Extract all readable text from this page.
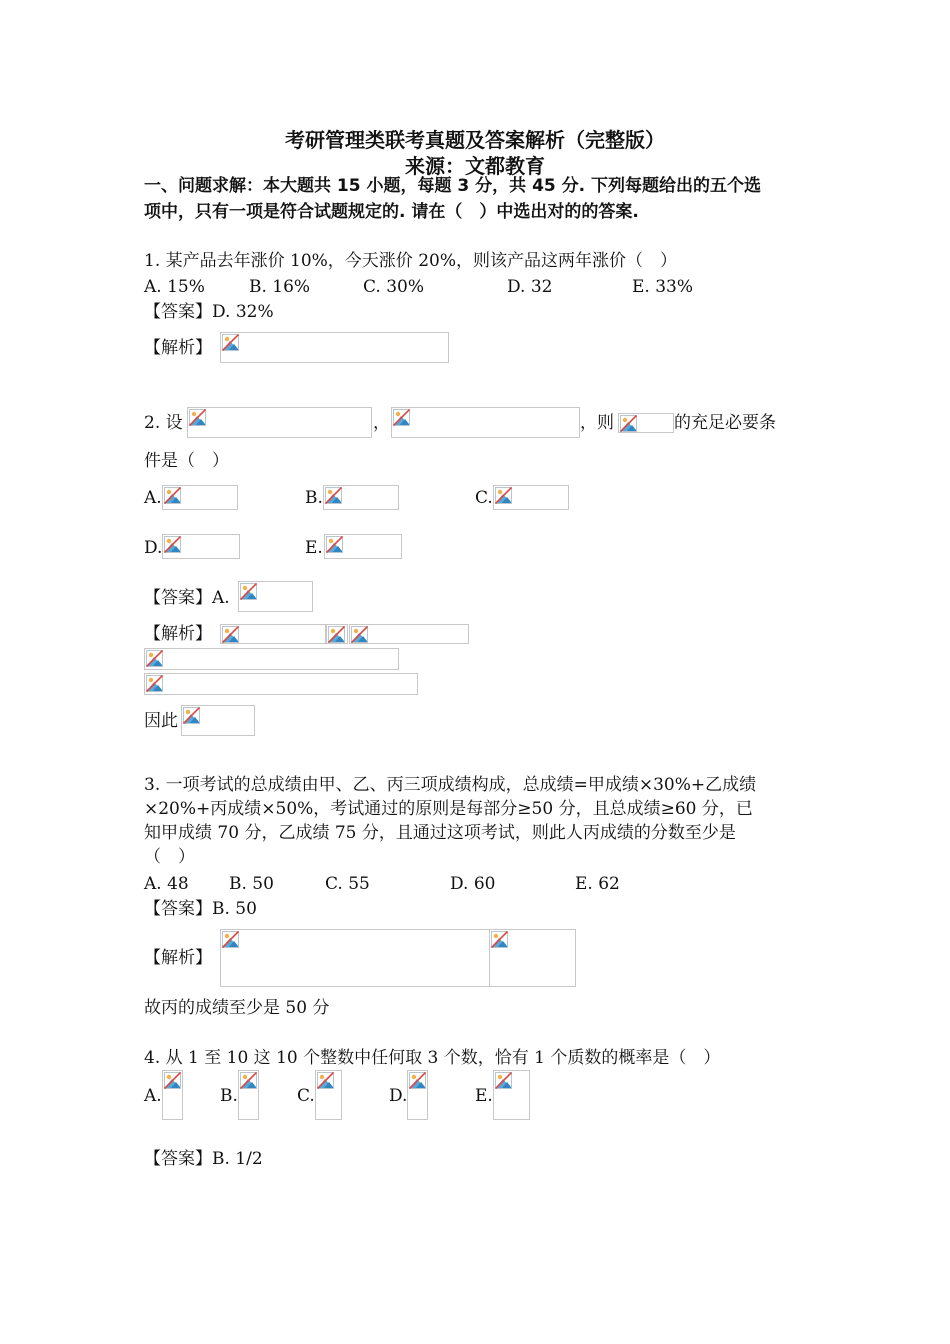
考研管理类联考真题及答案解析（完整版）
来源：文都教育
一、问题求解：本大题共 15 小题，每题 3 分，共 45 分. 下列每题给出的五个选
项中，只有一项是符合试题规定的. 请在（　）中选出对的的答案.
1. 某产品去年涨价 10%，今天涨价 20%，则该产品这两年涨价（　）
A. 15%	B. 16%	C. 30%	D. 32	E. 33%
【答案】D. 32%
【解析】
2. 设	，	，则	的充足必要条
件是（　）
A.	B.	C.
D.	E.
【答案】A.
【解析】
因此
3. 一项考试的总成绩由甲、乙、丙三项成绩构成，总成绩=甲成绩×30%+乙成绩
×20%+丙成绩×50%，考试通过的原则是每部分≥50 分，且总成绩≥60 分，已
知甲成绩 70 分，乙成绩 75 分，且通过这项考试，则此人丙成绩的分数至少是
（　）
A. 48 B. 50	C. 55	D. 60	E. 62
【答案】B. 50
【解析】
故丙的成绩至少是 50 分
4. 从 1 至 10 这 10 个整数中任何取 3 个数，恰有 1 个质数的概率是（　）
A.	B.	C.	D.	E.
【答案】B. 1/2
